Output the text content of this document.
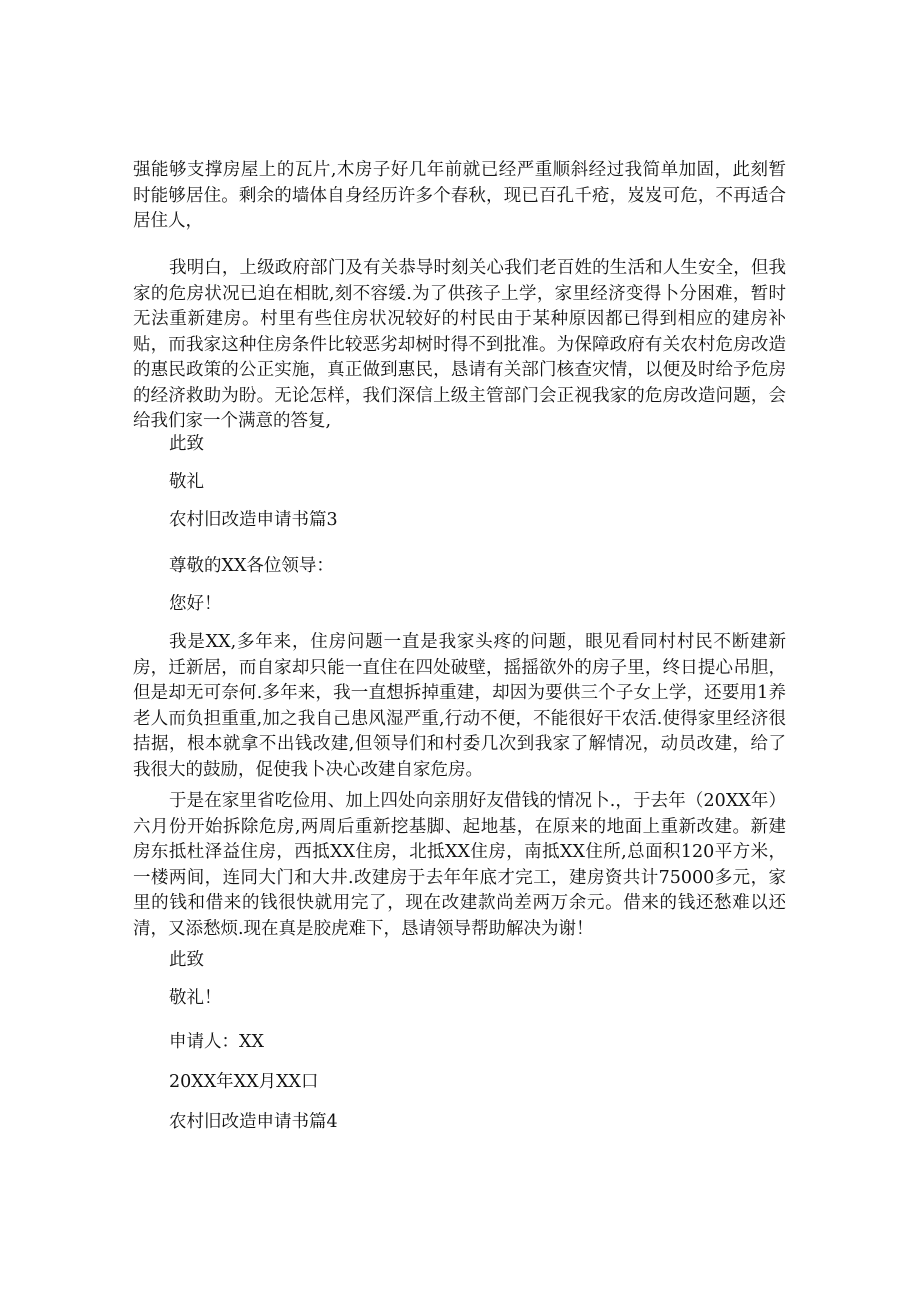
强能够支撑房屋上的瓦片,木房子好几年前就已经严重顺斜经过我简单加固，此刻暂时能够居住。剩余的墙体自身经历许多个春秋，现已百孔千疮，岌岌可危，不再适合居住人，

我明白，上级政府部门及有关恭导时刻关心我们老百姓的生活和人生安全，但我家的危房状况已迫在相眈,刻不容缓.为了供孩子上学，家里经济变得卜分困难，暂时无法重新建房。村里有些住房状况较好的村民由于某种原因都已得到相应的建房补贴，而我家这种住房条件比较恶劣却树时得不到批准。为保障政府有关农村危房改造的惠民政策的公正实施，真正做到惠民，恳请有关部门核查灾情，以便及时给予危房的经济救助为盼。无论怎样，我们深信上级主管部门会正视我家的危房改造问题，会给我们家一个满意的答复,

此致
敬礼
农村旧改造申请书篇3
尊敬的XX各位领导：
您好！

我是XX,多年来，住房问题一直是我家头疼的问题，眼见看同村村民不断建新房，迁新居，而自家却只能一直住在四处破壁，摇摇欲外的房子里，终日提心吊胆，但是却无可奈何.多年来，我一直想拆掉重建，却因为要供三个子女上学，还要用1养老人而负担重重,加之我自己患风湿严重,行动不便，不能很好干农活.使得家里经济很拮据，根本就拿不出钱改建,但领导们和村委几次到我家了解情况，动员改建，给了我很大的鼓励，促使我卜决心改建自家危房。

于是在家里省吃俭用、加上四处向亲朋好友借钱的情况卜.，于去年（20XX年）六月份开始拆除危房,两周后重新挖基脚、起地基，在原来的地面上重新改建。新建房东抵杜泽益住房，西抵XX住房，北抵XX住房，南抵XX住所,总面积120平方米，一楼两间，连同大门和大井.改建房于去年年底才完工，建房资共计75000多元，家里的钱和借来的钱很快就用完了，现在改建款尚差两万余元。借来的钱还愁难以还清，又添愁烦.现在真是胶虎难下，恳请领导帮助解决为谢！

此致
敬礼！
申请人：XX
20XX年XX月XX口
农村旧改造申请书篇4
